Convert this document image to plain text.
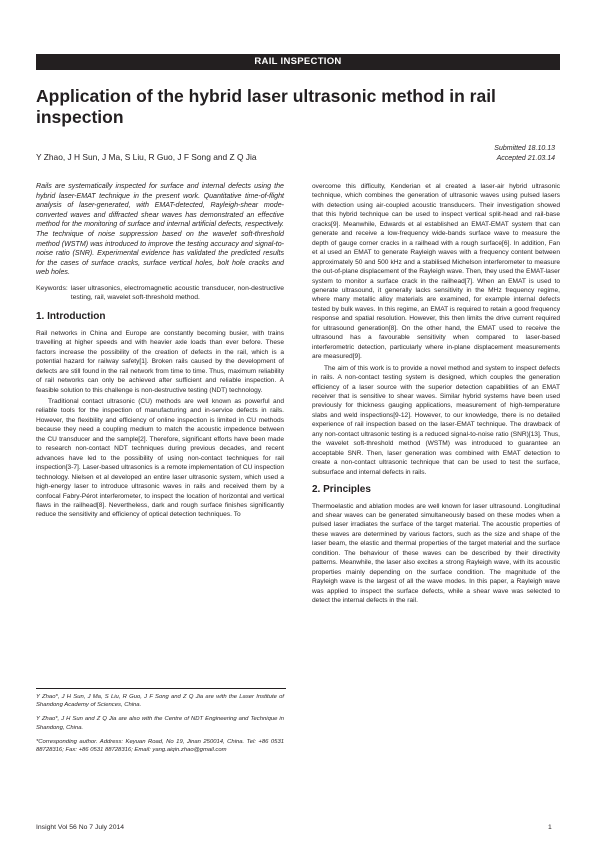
RAIL INSPECTION
Application of the hybrid laser ultrasonic method in rail inspection
Y Zhao, J H Sun, J Ma, S Liu, R Guo, J F Song and Z Q Jia
Submitted 18.10.13
Accepted 21.03.14

Rails are systematically inspected for surface and internal defects using the hybrid laser-EMAT technique in the present work. Quantitative time-of-flight analysis of laser-generated, with EMAT-detected, Rayleigh-shear mode-converted waves and diffracted shear waves has demonstrated an effective method for the monitoring of surface and internal artificial defects, respectively. The technique of noise suppression based on the wavelet soft-threshold method (WSTM) was introduced to improve the testing accuracy and signal-to-noise ratio (SNR). Experimental evidence has validated the predicted results for the cases of surface cracks, surface vertical holes, bolt hole cracks and web holes.

Keywords: laser ultrasonics, electromagnetic acoustic transducer, non-destructive testing, rail, wavelet soft-threshold method.
1. Introduction

Rail networks in China and Europe are constantly becoming busier, with trains travelling at higher speeds and with heavier axle loads than ever before. These factors increase the possibility of the creation of defects in the rail, which is a potential hazard for railway safety[1]. Broken rails caused by the development of defects are still found in the rail network from time to time. Thus, maximum reliability of rail networks can only be achieved after sufficient and reliable inspection. A feasible solution to this challenge is non-destructive testing (NDT) technology.

Traditional contact ultrasonic (CU) methods are well known as powerful and reliable tools for the inspection of manufacturing and in-service defects in rails. However, the flexibility and efficiency of online inspection is limited in CU methods because they need a coupling medium to match the acoustic impedence between the CU transducer and the sample[2]. Therefore, significant efforts have been made to research non-contact NDT techniques during previous decades, and recent advances have led to the possibility of using non-contact techniques for rail inspection[3-7]. Laser-based ultrasonics is a remote implementation of CU inspection technology. Nielsen et al developed an entire laser ultrasonic system, which used a high-energy laser to introduce ultrasonic waves in rails and received them by a confocal Fabry-Pérot interferometer, to inspect the location of horizontal and vertical flaws in the railhead[8]. Nevertheless, dark and rough surface finishes significantly reduce the sensitivity and efficiency of optical detection techniques. To

overcome this difficulty, Kenderian et al created a laser-air hybrid ultrasonic technique, which combines the generation of ultrasonic waves using pulsed lasers with detection using air-coupled acoustic transducers. Their investigation showed that this hybrid technique can be used to inspect vertical split-head and rail-base cracks[9]. Meanwhile, Edwards et al established an EMAT-EMAT system that can generate and receive a low-frequency wide-bands surface wave to measure the depth of gauge corner cracks in a railhead with a rough surface[6]. In addition, Fan et al used an EMAT to generate Rayleigh waves with a frequency content between approximately 50 and 500 kHz and a stabilised Michelson interferometer to measure the out-of-plane displacement of the Rayleigh wave. Then, they used the EMAT-laser system to monitor a surface crack in the railhead[7]. When an EMAT is used to generate ultrasound, it generally lacks sensitivity in the MHz frequency regime, where many metallic alloy materials are examined, for example internal defects tested by bulk waves. In this regime, an EMAT is required to retain a good frequency response and spatial resolution. However, this then limits the drive current required for ultrasound generation[8]. On the other hand, the EMAT used to receive the ultrasound has a favourable sensitivity when compared to laser-based interferometric detection, particularly where in-plane displacement measurements are measured[9].

The aim of this work is to provide a novel method and system to inspect defects in rails. A non-contact testing system is designed, which couples the generation efficiency of a laser source with the superior detection capabilities of an EMAT receiver that is sensitive to shear waves. Similar hybrid systems have been used previously for thickness gauging applications, measurement of high-temperature slabs and weld inspections[9-12]. However, to our knowledge, there is no detailed experience of rail inspection based on the laser-EMAT technique. The drawback of any non-contact ultrasonic testing is a reduced signal-to-noise ratio (SNR)[13]. Thus, the wavelet soft-threshold method (WSTM) was introduced to guarantee an acceptable SNR. Then, laser generation was combined with EMAT detection to create a non-contact ultrasonic technique that can be used to test the surface, subsurface and internal defects in rails.

2. Principles

Thermoelastic and ablation modes are well known for laser ultrasound. Longitudinal and shear waves can be generated simultaneously based on these modes when a pulsed laser irradiates the surface of the target material. The acoustic properties of these waves are determined by various factors, such as the size and shape of the laser beam, the elastic and thermal properties of the target material and the surface condition. The behaviour of these waves can be described by their directivity patterns. Meanwhile, the laser also excites a strong Rayleigh wave, with its acoustic properties mainly depending on the surface condition. The magnitude of the Rayleigh wave is the largest of all the wave modes. In this paper, a Rayleigh wave was applied to inspect the surface defects, while a shear wave was selected to detect the internal defects in the rail.

Y Zhao*, J H Sun, J Ma, S Liu, R Guo, J F Song and Z Q Jia are with the Laser Institute of Shandong Academy of Sciences, China.

Y Zhao*, J H Sun and Z Q Jia are also with the Centre of NDT Engineering and Technique in Shandong, China.

*Corresponding author. Address: Keyuan Road, No 19, Jinan 250014, China. Tel: +86 0531 88728316; Fax: +86 0531 88728316; Email: yang.aiqin.zhao@gmail.com

Insight Vol 56 No 7 July 2014	1
